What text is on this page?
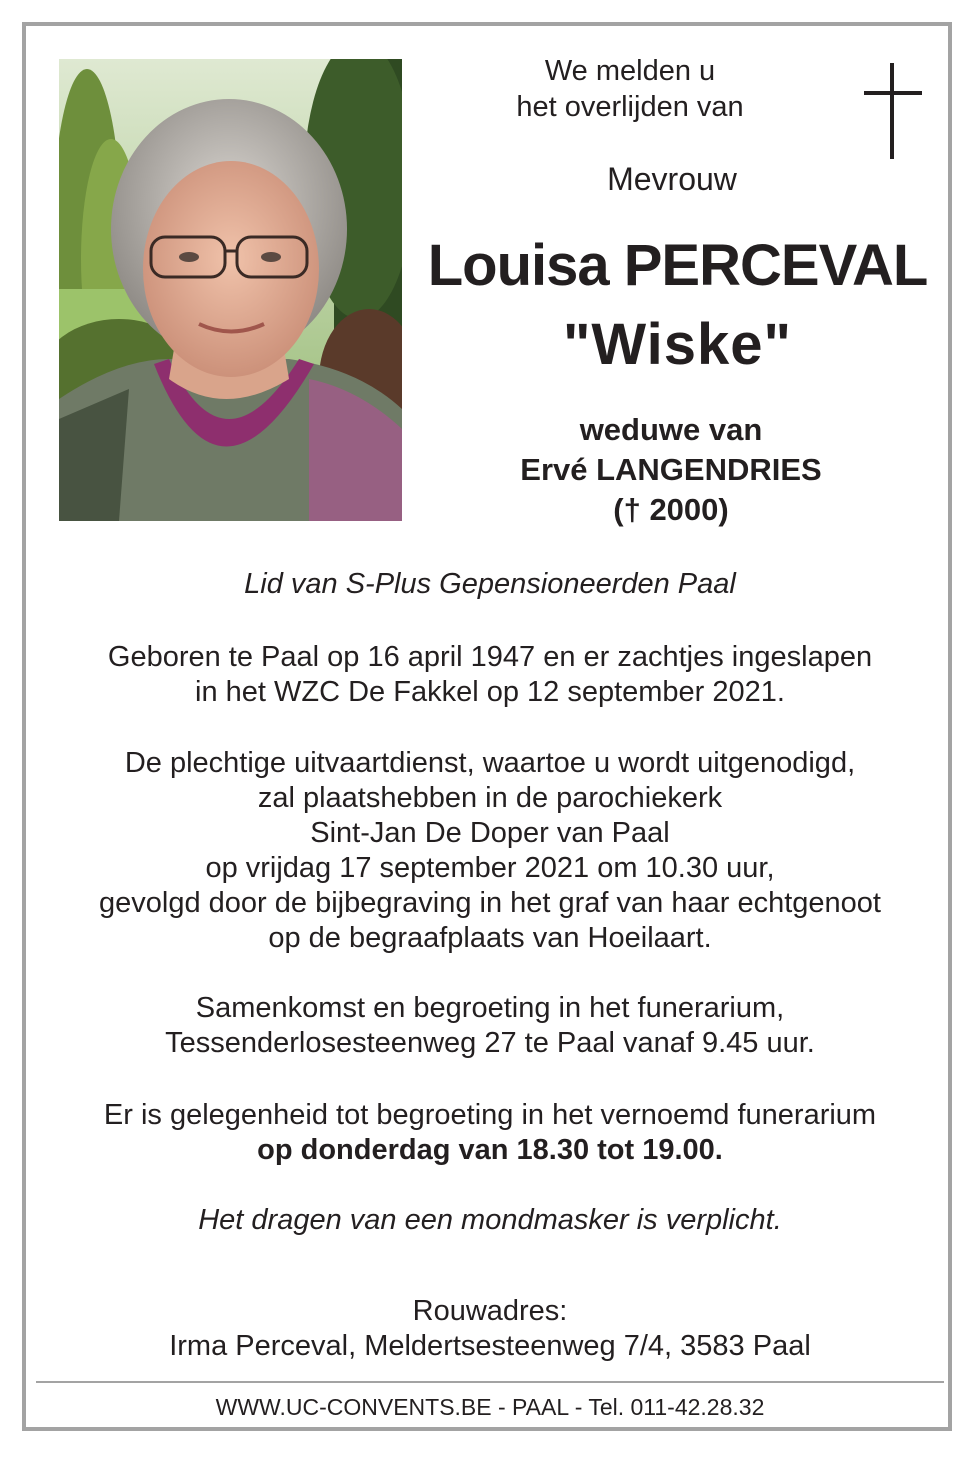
We melden u
het overlijden van
Mevrouw
Louisa PERCEVAL
"Wiske"
weduwe van
Ervé LANGENDRIES
(† 2000)
Lid van S-Plus Gepensioneerden Paal
Geboren te Paal op 16 april 1947 en er zachtjes ingeslapen
in het WZC De Fakkel op 12 september 2021.
De plechtige uitvaartdienst, waartoe u wordt uitgenodigd,
zal plaatshebben in de parochiekerk
Sint-Jan De Doper van Paal
op vrijdag 17 september 2021 om 10.30 uur,
gevolgd door de bijbegraving in het graf van haar echtgenoot
op de begraafplaats van Hoeilaart.
Samenkomst en begroeting in het funerarium,
Tessenderlosesteenweg 27 te Paal vanaf 9.45 uur.
Er is gelegenheid tot begroeting in het vernoemd funerarium
op donderdag van 18.30 tot 19.00.
Het dragen van een mondmasker is verplicht.
Rouwadres:
Irma Perceval, Meldertsesteenweg 7/4, 3583 Paal
WWW.UC-CONVENTS.BE - PAAL - Tel. 011-42.28.32
